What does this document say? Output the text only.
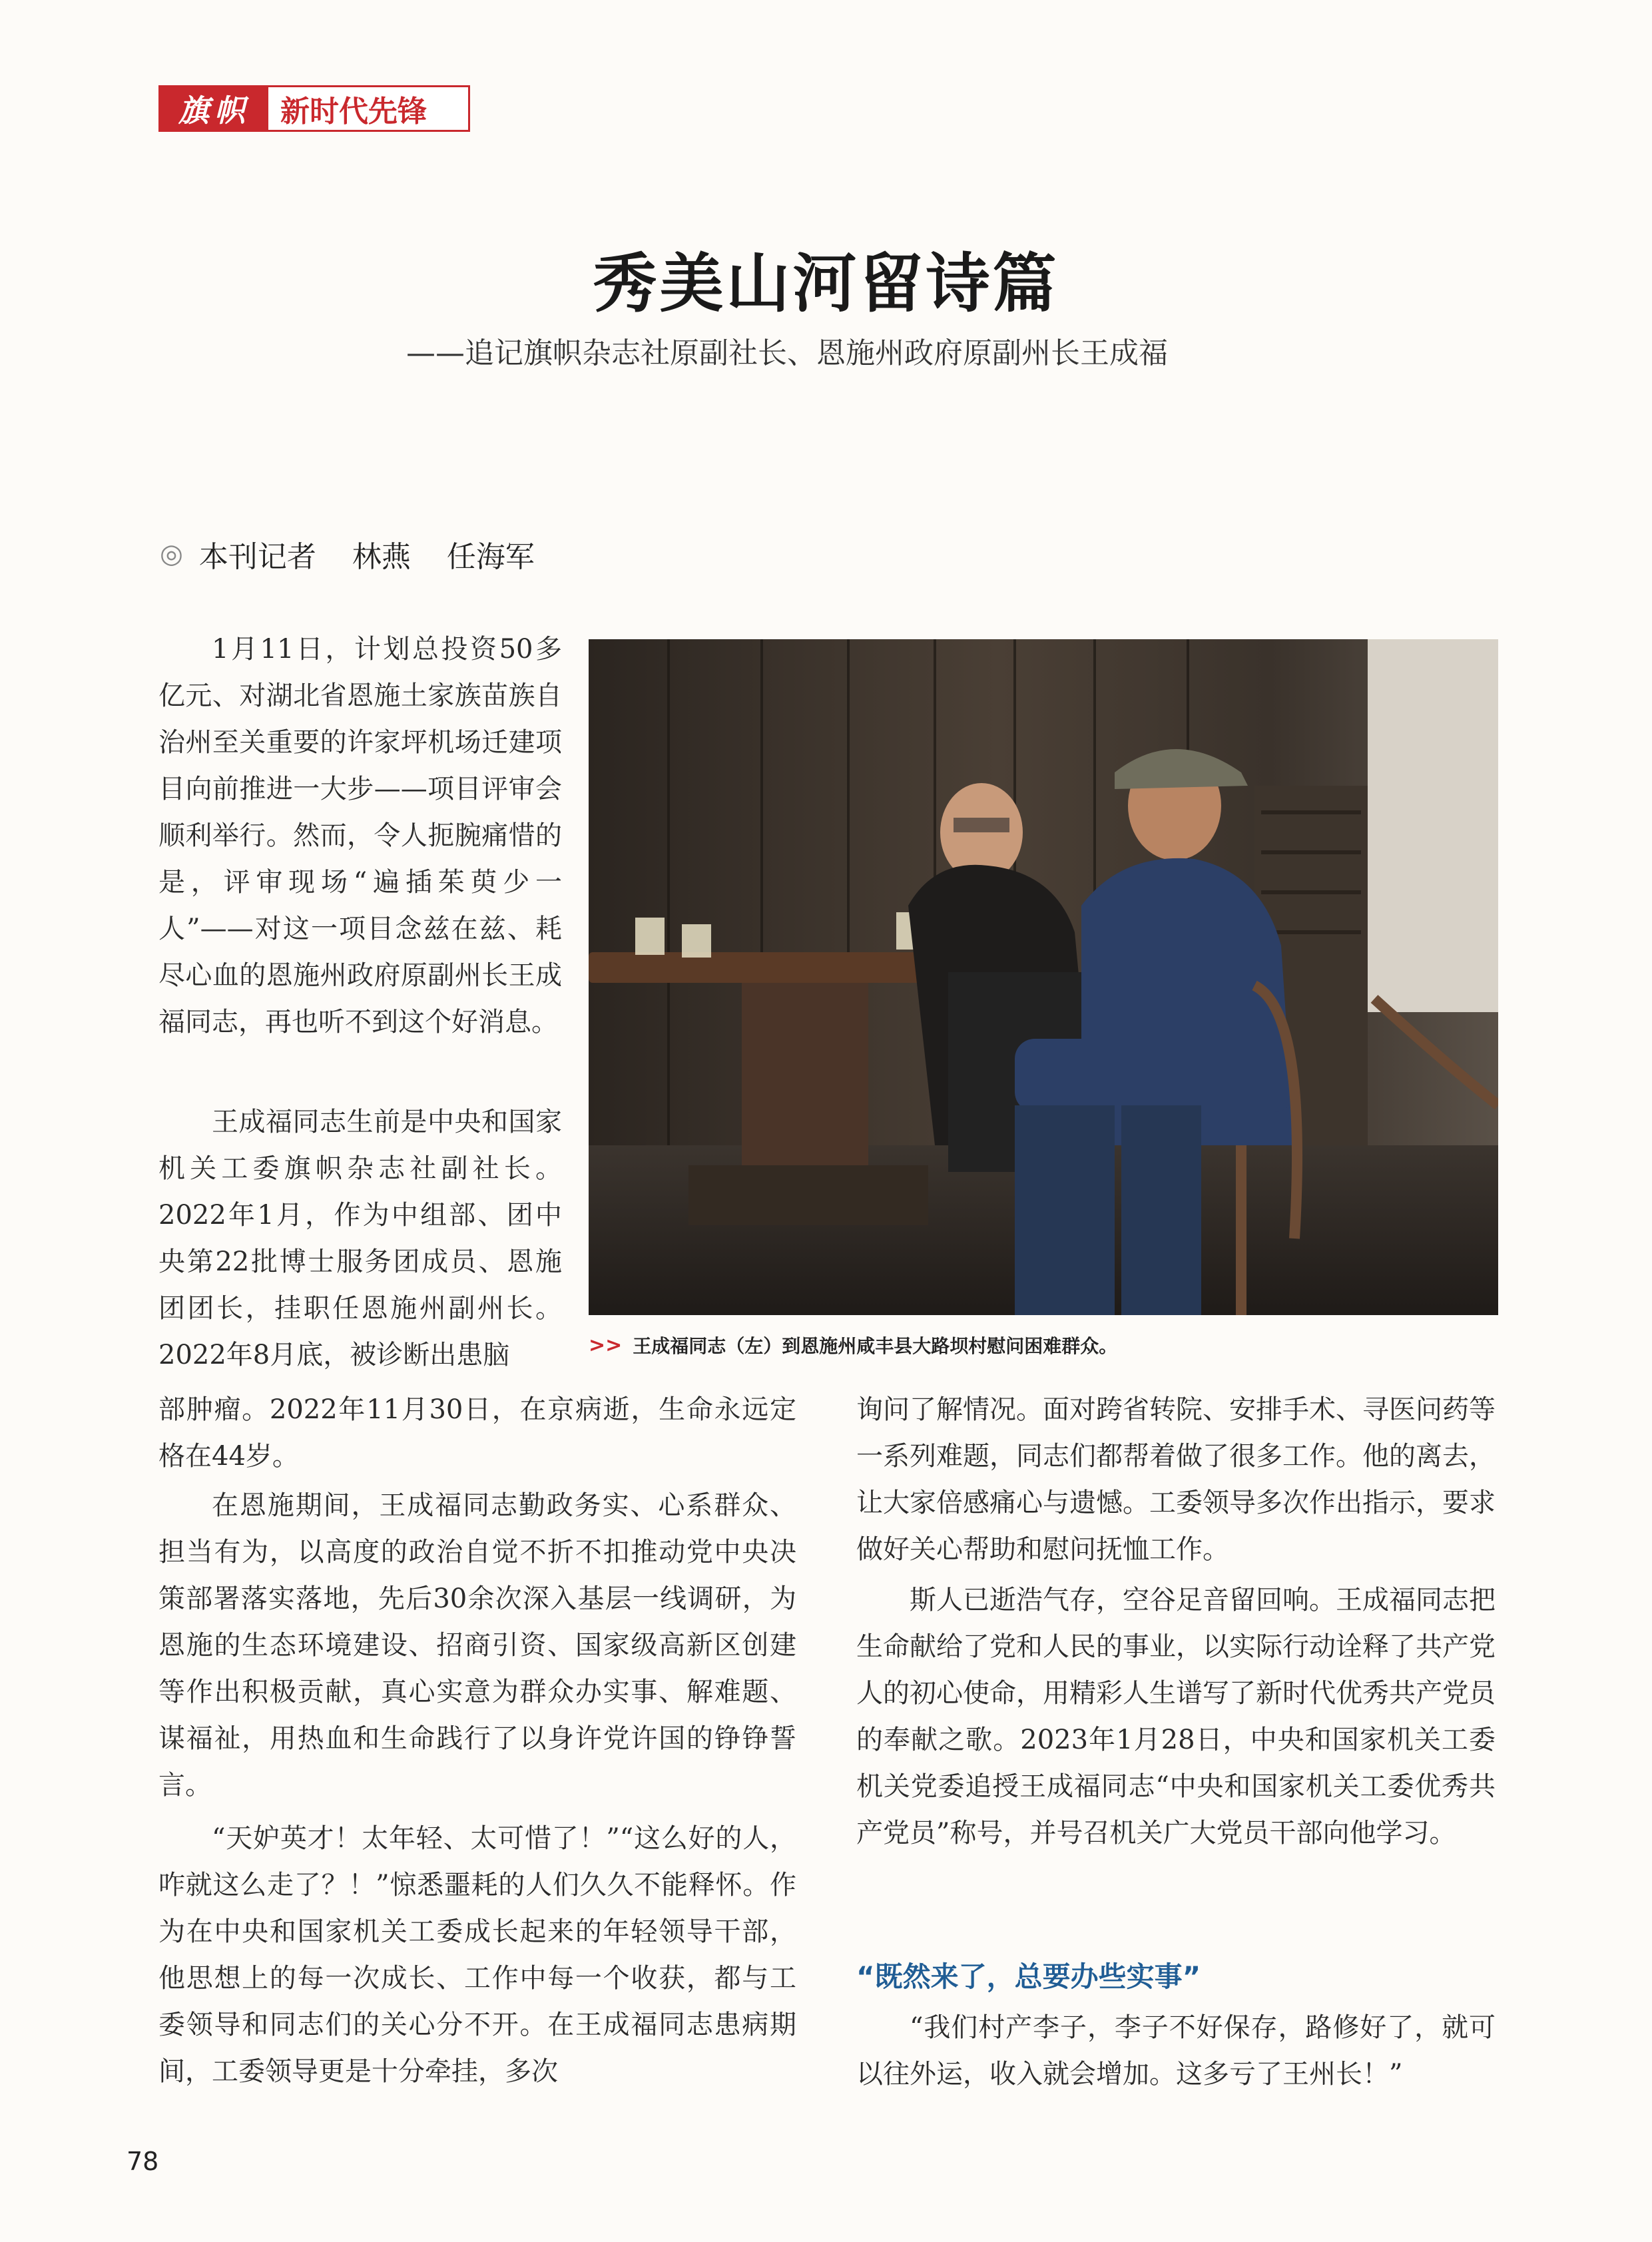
旗帜	新时代先锋
秀美山河留诗篇
——追记旗帜杂志社原副社长、恩施州政府原副州长王成福
◎ 本刊记者 林燕 任海军

1月11日，计划总投资50多亿元、对湖北省恩施土家族苗族自治州至关重要的许家坪机场迁建项目向前推进一大步——项目评审会顺利举行。然而，令人扼腕痛惜的是，评审现场“遍插茱萸少一人”——对这一项目念兹在兹、耗尽心血的恩施州政府原副州长王成福同志，再也听不到这个好消息。

王成福同志生前是中央和国家机关工委旗帜杂志社副社长。2022年1月，作为中组部、团中央第22批博士服务团成员、恩施团团长，挂职任恩施州副州长。2022年8月底，被诊断出患脑

部肿瘤。2022年11月30日，在京病逝，生命永远定格在44岁。

在恩施期间，王成福同志勤政务实、心系群众、担当有为，以高度的政治自觉不折不扣推动党中央决策部署落实落地，先后30余次深入基层一线调研，为恩施的生态环境建设、招商引资、国家级高新区创建等作出积极贡献，真心实意为群众办实事、解难题、谋福祉，用热血和生命践行了以身许党许国的铮铮誓言。

“天妒英才！太年轻、太可惜了！”“这么好的人，咋就这么走了？！”惊悉噩耗的人们久久不能释怀。作为在中央和国家机关工委成长起来的年轻领导干部，他思想上的每一次成长、工作中每一个收获，都与工委领导和同志们的关心分不开。在王成福同志患病期间，工委领导更是十分牵挂，多次

询问了解情况。面对跨省转院、安排手术、寻医问药等一系列难题，同志们都帮着做了很多工作。他的离去，让大家倍感痛心与遗憾。工委领导多次作出指示，要求做好关心帮助和慰问抚恤工作。

斯人已逝浩气存，空谷足音留回响。王成福同志把生命献给了党和人民的事业，以实际行动诠释了共产党人的初心使命，用精彩人生谱写了新时代优秀共产党员的奉献之歌。2023年1月28日，中央和国家机关工委机关党委追授王成福同志“中央和国家机关工委优秀共产党员”称号，并号召机关广大党员干部向他学习。

“既然来了，总要办些实事”

“我们村产李子，李子不好保存，路修好了，就可以往外运，收入就会增加。这多亏了王州长！”

>> 王成福同志（左）到恩施州咸丰县大路坝村慰问困难群众。
78
